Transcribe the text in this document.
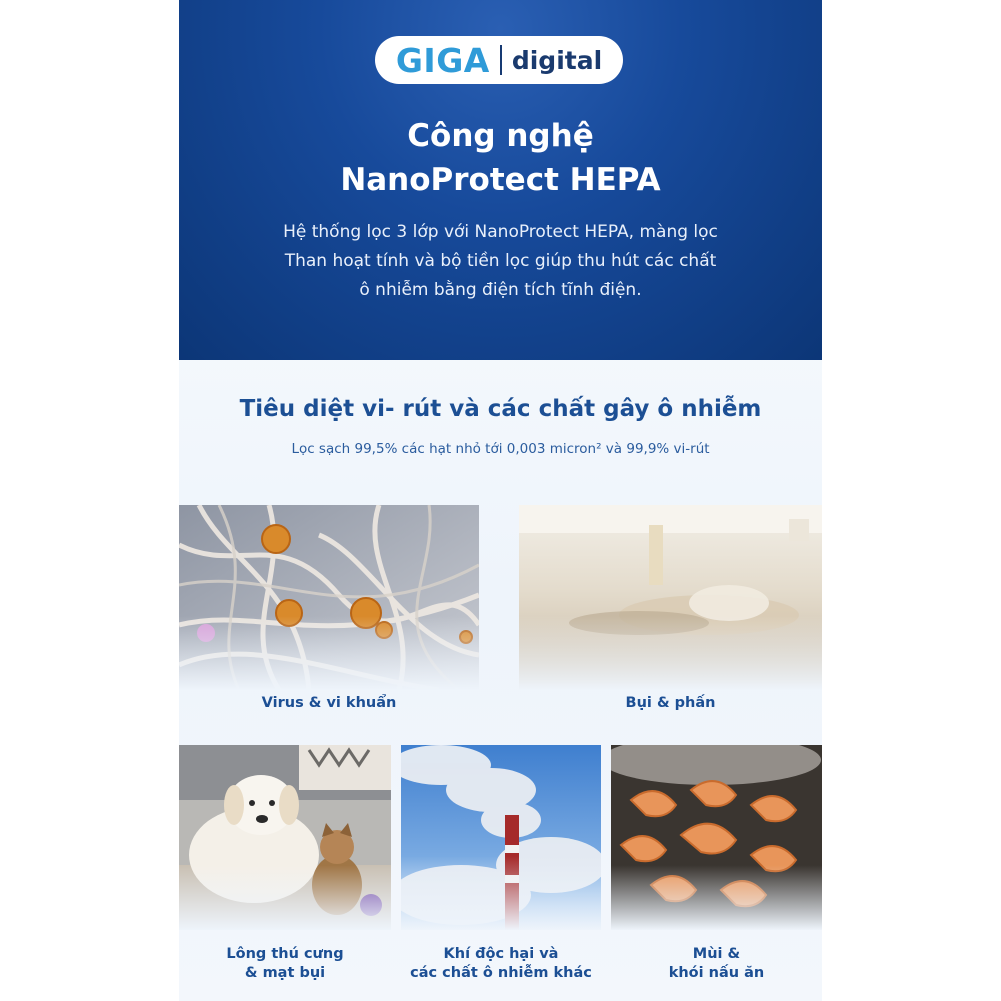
GIGA digital
Công nghệ
NanoProtect HEPA
Hệ thống lọc 3 lớp với NanoProtect HEPA, màng lọc
Than hoạt tính và bộ tiền lọc giúp thu hút các chất
ô nhiễm bằng điện tích tĩnh điện.
Tiêu diệt vi- rút và các chất gây ô nhiễm
Lọc sạch 99,5% các hạt nhỏ tới 0,003 micron² và 99,9% vi-rút
Virus & vi khuẩn	Bụi & phấn
Lông thú cưng
& mạt bụi
Khí độc hại và
các chất ô nhiễm khác
Mùi &
khói nấu ăn
